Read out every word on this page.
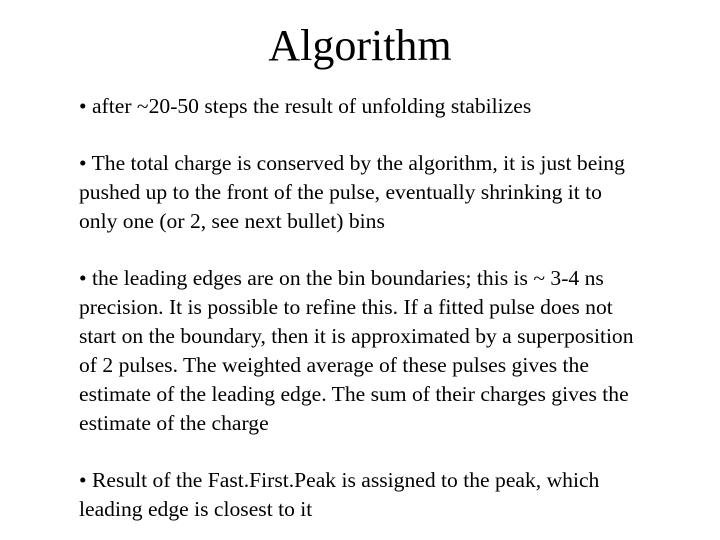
Algorithm
• after ~20-50 steps the result of unfolding stabilizes
• The total charge is conserved by the algorithm, it is just being pushed up to the front of the pulse, eventually shrinking it to only one (or 2, see next bullet) bins
• the leading edges are on the bin boundaries; this is ~ 3-4 ns precision. It is possible to refine this. If a fitted pulse does not start on the boundary, then it is approximated by a superposition of 2 pulses. The weighted average of these pulses gives the estimate of the leading edge. The sum of their charges gives the estimate of the charge
• Result of the Fast.First.Peak is assigned to the peak, which leading edge is closest to it
